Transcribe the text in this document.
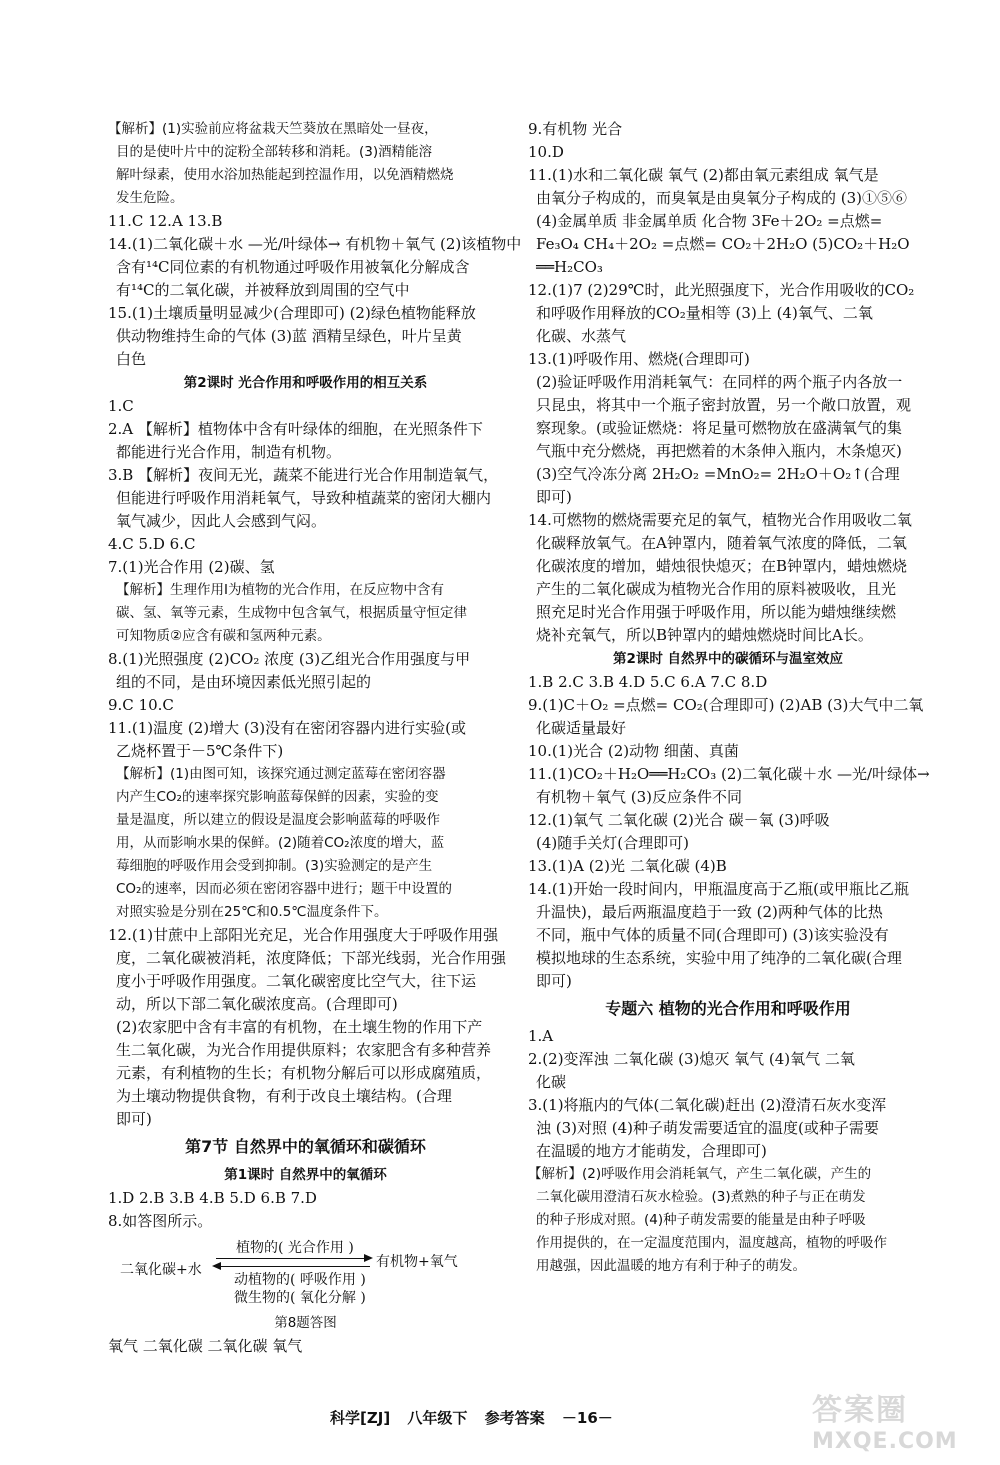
【解析】(1)实验前应将盆栽天竺葵放在黑暗处一昼夜，

目的是使叶片中的淀粉全部转移和消耗。(3)酒精能溶

解叶绿素，使用水浴加热能起到控温作用，以免酒精燃烧

发生危险。

11.C 12.A 13.B

14.(1)二氧化碳＋水 —光/叶绿体→ 有机物＋氧气 (2)该植物中

含有¹⁴C同位素的有机物通过呼吸作用被氧化分解成含

有¹⁴C的二氧化碳，并被释放到周围的空气中

15.(1)土壤质量明显减少(合理即可) (2)绿色植物能释放

供动物维持生命的气体 (3)蓝 酒精呈绿色，叶片呈黄

白色

第2课时 光合作用和呼吸作用的相互关系

1.C

2.A 【解析】植物体中含有叶绿体的细胞，在光照条件下

都能进行光合作用，制造有机物。

3.B 【解析】夜间无光，蔬菜不能进行光合作用制造氧气，

但能进行呼吸作用消耗氧气，导致种植蔬菜的密闭大棚内

氧气减少，因此人会感到气闷。

4.C 5.D 6.C

7.(1)光合作用 (2)碳、氢

【解析】生理作用Ⅰ为植物的光合作用，在反应物中含有

碳、氢、氧等元素，生成物中包含氧气，根据质量守恒定律

可知物质②应含有碳和氢两种元素。

8.(1)光照强度 (2)CO₂ 浓度 (3)乙组光合作用强度与甲

组的不同，是由环境因素低光照引起的

9.C 10.C

11.(1)温度 (2)增大 (3)没有在密闭容器内进行实验(或

乙烧杯置于－5℃条件下)

【解析】(1)由图可知，该探究通过测定蓝莓在密闭容器

内产生CO₂的速率探究影响蓝莓保鲜的因素，实验的变

量是温度，所以建立的假设是温度会影响蓝莓的呼吸作

用，从而影响水果的保鲜。(2)随着CO₂浓度的增大，蓝

莓细胞的呼吸作用会受到抑制。(3)实验测定的是产生

CO₂的速率，因而必须在密闭容器中进行；题干中设置的

对照实验是分别在25℃和0.5℃温度条件下。

12.(1)甘蔗中上部阳光充足，光合作用强度大于呼吸作用强

度，二氧化碳被消耗，浓度降低；下部光线弱，光合作用强

度小于呼吸作用强度。二氧化碳密度比空气大，往下运

动，所以下部二氧化碳浓度高。(合理即可)

(2)农家肥中含有丰富的有机物，在土壤生物的作用下产

生二氧化碳，为光合作用提供原料；农家肥含有多种营养

元素，有利植物的生长；有机物分解后可以形成腐殖质，

为土壤动物提供食物，有利于改良土壤结构。(合理

即可)

第7节 自然界中的氧循环和碳循环

第1课时 自然界中的氧循环

1.D 2.B 3.B 4.B 5.D 6.B 7.D

8.如答图所示。

二氧化碳+水
植物的( 光合作用 )
有机物+氧气
动植物的( 呼吸作用 )
微生物的( 氧化分解 )

第8题答图

氧气 二氧化碳 二氧化碳 氧气

9.有机物 光合

10.D

11.(1)水和二氧化碳 氧气 (2)都由氧元素组成 氧气是

由氧分子构成的，而臭氧是由臭氧分子构成的 (3)①⑤⑥

(4)金属单质 非金属单质 化合物 3Fe＋2O₂ =点燃=

Fe₃O₄ CH₄＋2O₂ =点燃= CO₂＋2H₂O (5)CO₂＋H₂O

══H₂CO₃

12.(1)7 (2)29℃时，此光照强度下，光合作用吸收的CO₂

和呼吸作用释放的CO₂量相等 (3)上 (4)氧气、二氧

化碳、水蒸气

13.(1)呼吸作用、燃烧(合理即可)

(2)验证呼吸作用消耗氧气：在同样的两个瓶子内各放一

只昆虫，将其中一个瓶子密封放置，另一个敞口放置，观

察现象。(或验证燃烧：将足量可燃物放在盛满氧气的集

气瓶中充分燃烧，再把燃着的木条伸入瓶内，木条熄灭)

(3)空气冷冻分离 2H₂O₂ =MnO₂= 2H₂O＋O₂↑(合理

即可)

14.可燃物的燃烧需要充足的氧气，植物光合作用吸收二氧

化碳释放氧气。在A钟罩内，随着氧气浓度的降低，二氧

化碳浓度的增加，蜡烛很快熄灭；在B钟罩内，蜡烛燃烧

产生的二氧化碳成为植物光合作用的原料被吸收，且光

照充足时光合作用强于呼吸作用，所以能为蜡烛继续燃

烧补充氧气，所以B钟罩内的蜡烛燃烧时间比A长。

第2课时 自然界中的碳循环与温室效应

1.B 2.C 3.B 4.D 5.C 6.A 7.C 8.D

9.(1)C＋O₂ =点燃= CO₂(合理即可) (2)AB (3)大气中二氧

化碳适量最好

10.(1)光合 (2)动物 细菌、真菌

11.(1)CO₂＋H₂O══H₂CO₃ (2)二氧化碳＋水 —光/叶绿体→

有机物＋氧气 (3)反应条件不同

12.(1)氧气 二氧化碳 (2)光合 碳－氧 (3)呼吸

(4)随手关灯(合理即可)

13.(1)A (2)光 二氧化碳 (4)B

14.(1)开始一段时间内，甲瓶温度高于乙瓶(或甲瓶比乙瓶

升温快)，最后两瓶温度趋于一致 (2)两种气体的比热

不同，瓶中气体的质量不同(合理即可) (3)该实验没有

模拟地球的生态系统，实验中用了纯净的二氧化碳(合理

即可)

专题六 植物的光合作用和呼吸作用

1.A

2.(2)变浑浊 二氧化碳 (3)熄灭 氧气 (4)氧气 二氧

化碳

3.(1)将瓶内的气体(二氧化碳)赶出 (2)澄清石灰水变浑

浊 (3)对照 (4)种子萌发需要适宜的温度(或种子需要

在温暖的地方才能萌发，合理即可)

【解析】(2)呼吸作用会消耗氧气，产生二氧化碳，产生的

二氧化碳用澄清石灰水检验。(3)煮熟的种子与正在萌发

的种子形成对照。(4)种子萌发需要的能量是由种子呼吸

作用提供的，在一定温度范围内，温度越高，植物的呼吸作

用越强，因此温暖的地方有利于种子的萌发。

科学[ZJ] 八年级下 参考答案 －16－	答案圈
MXQE.COM
